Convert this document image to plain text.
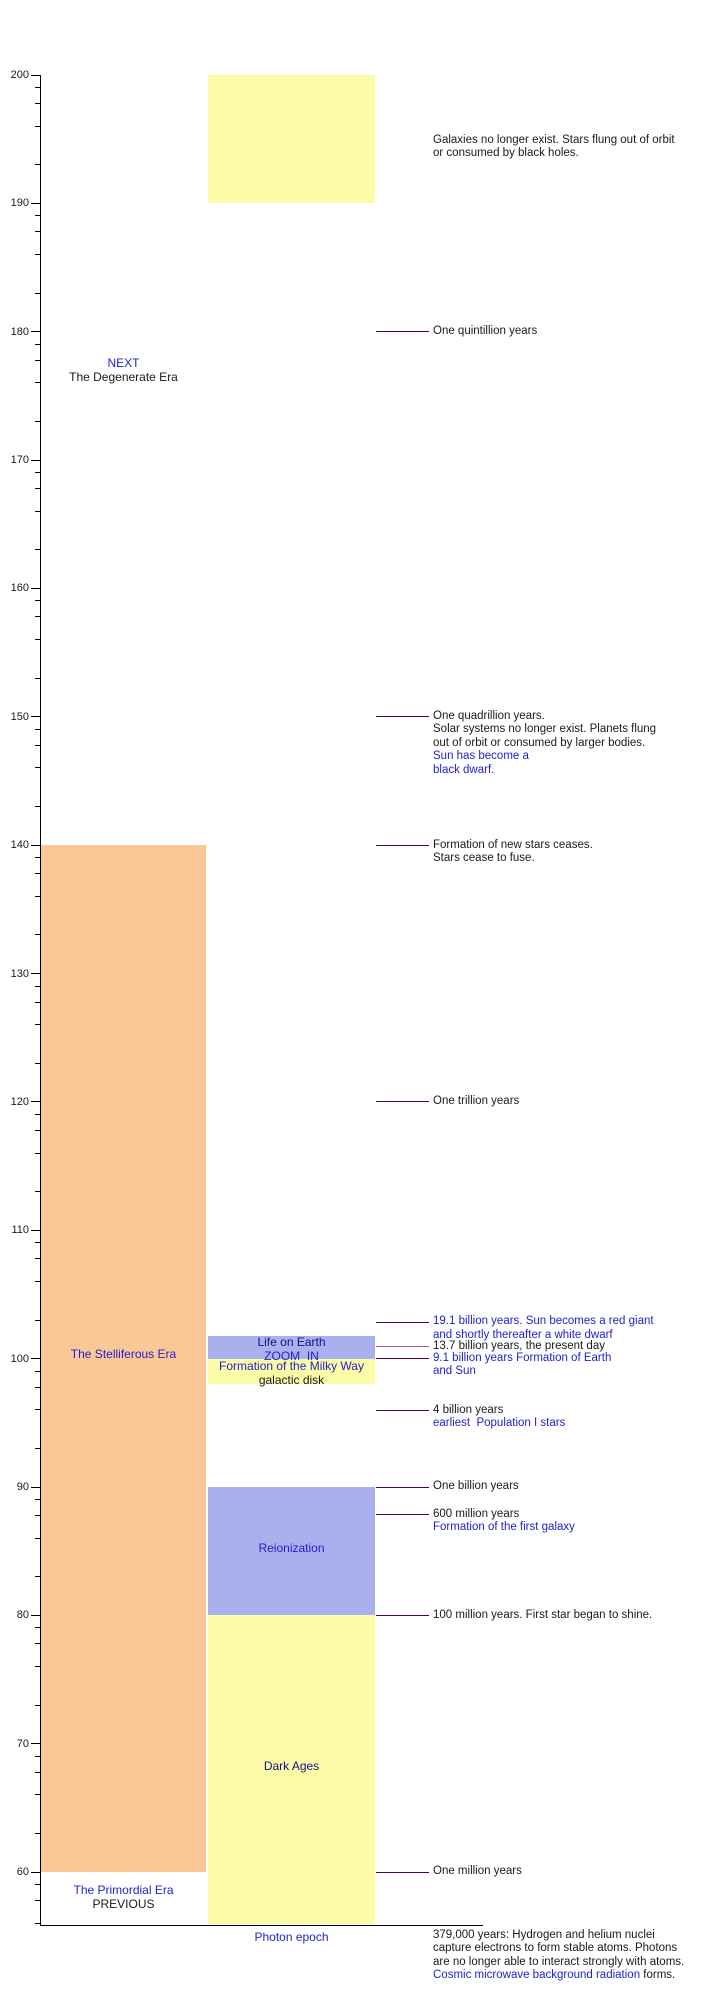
60
70
80
90
100
110
120
130
140
150
160
170
180
190
200
NEXT
The Degenerate Era
The Stelliferous Era
The Primordial Era
PREVIOUS
Life on Earth
ZOOM  IN
Formation of the Milky Way
galactic disk
Reionization
Dark Ages
Photon epoch
Galaxies no longer exist. Stars flung out of orbit
or consumed by black holes.
One quintillion years
One quadrillion years.
Solar systems no longer exist. Planets flung
out of orbit or consumed by larger bodies.
Sun has become a
black dwarf.
Formation of new stars ceases.
Stars cease to fuse.
One trillion years
19.1 billion years. Sun becomes a red giant
and shortly thereafter a white dwarf
13.7 billion years, the present day
9.1 billion years Formation of Earth
and Sun
4 billion years
earliest  Population I stars
One billion years
600 million years
Formation of the first galaxy
100 million years. First star began to shine.
One million years
379,000 years: Hydrogen and helium nuclei
capture electrons to form stable atoms. Photons
are no longer able to interact strongly with atoms.
Cosmic microwave background radiation forms.
